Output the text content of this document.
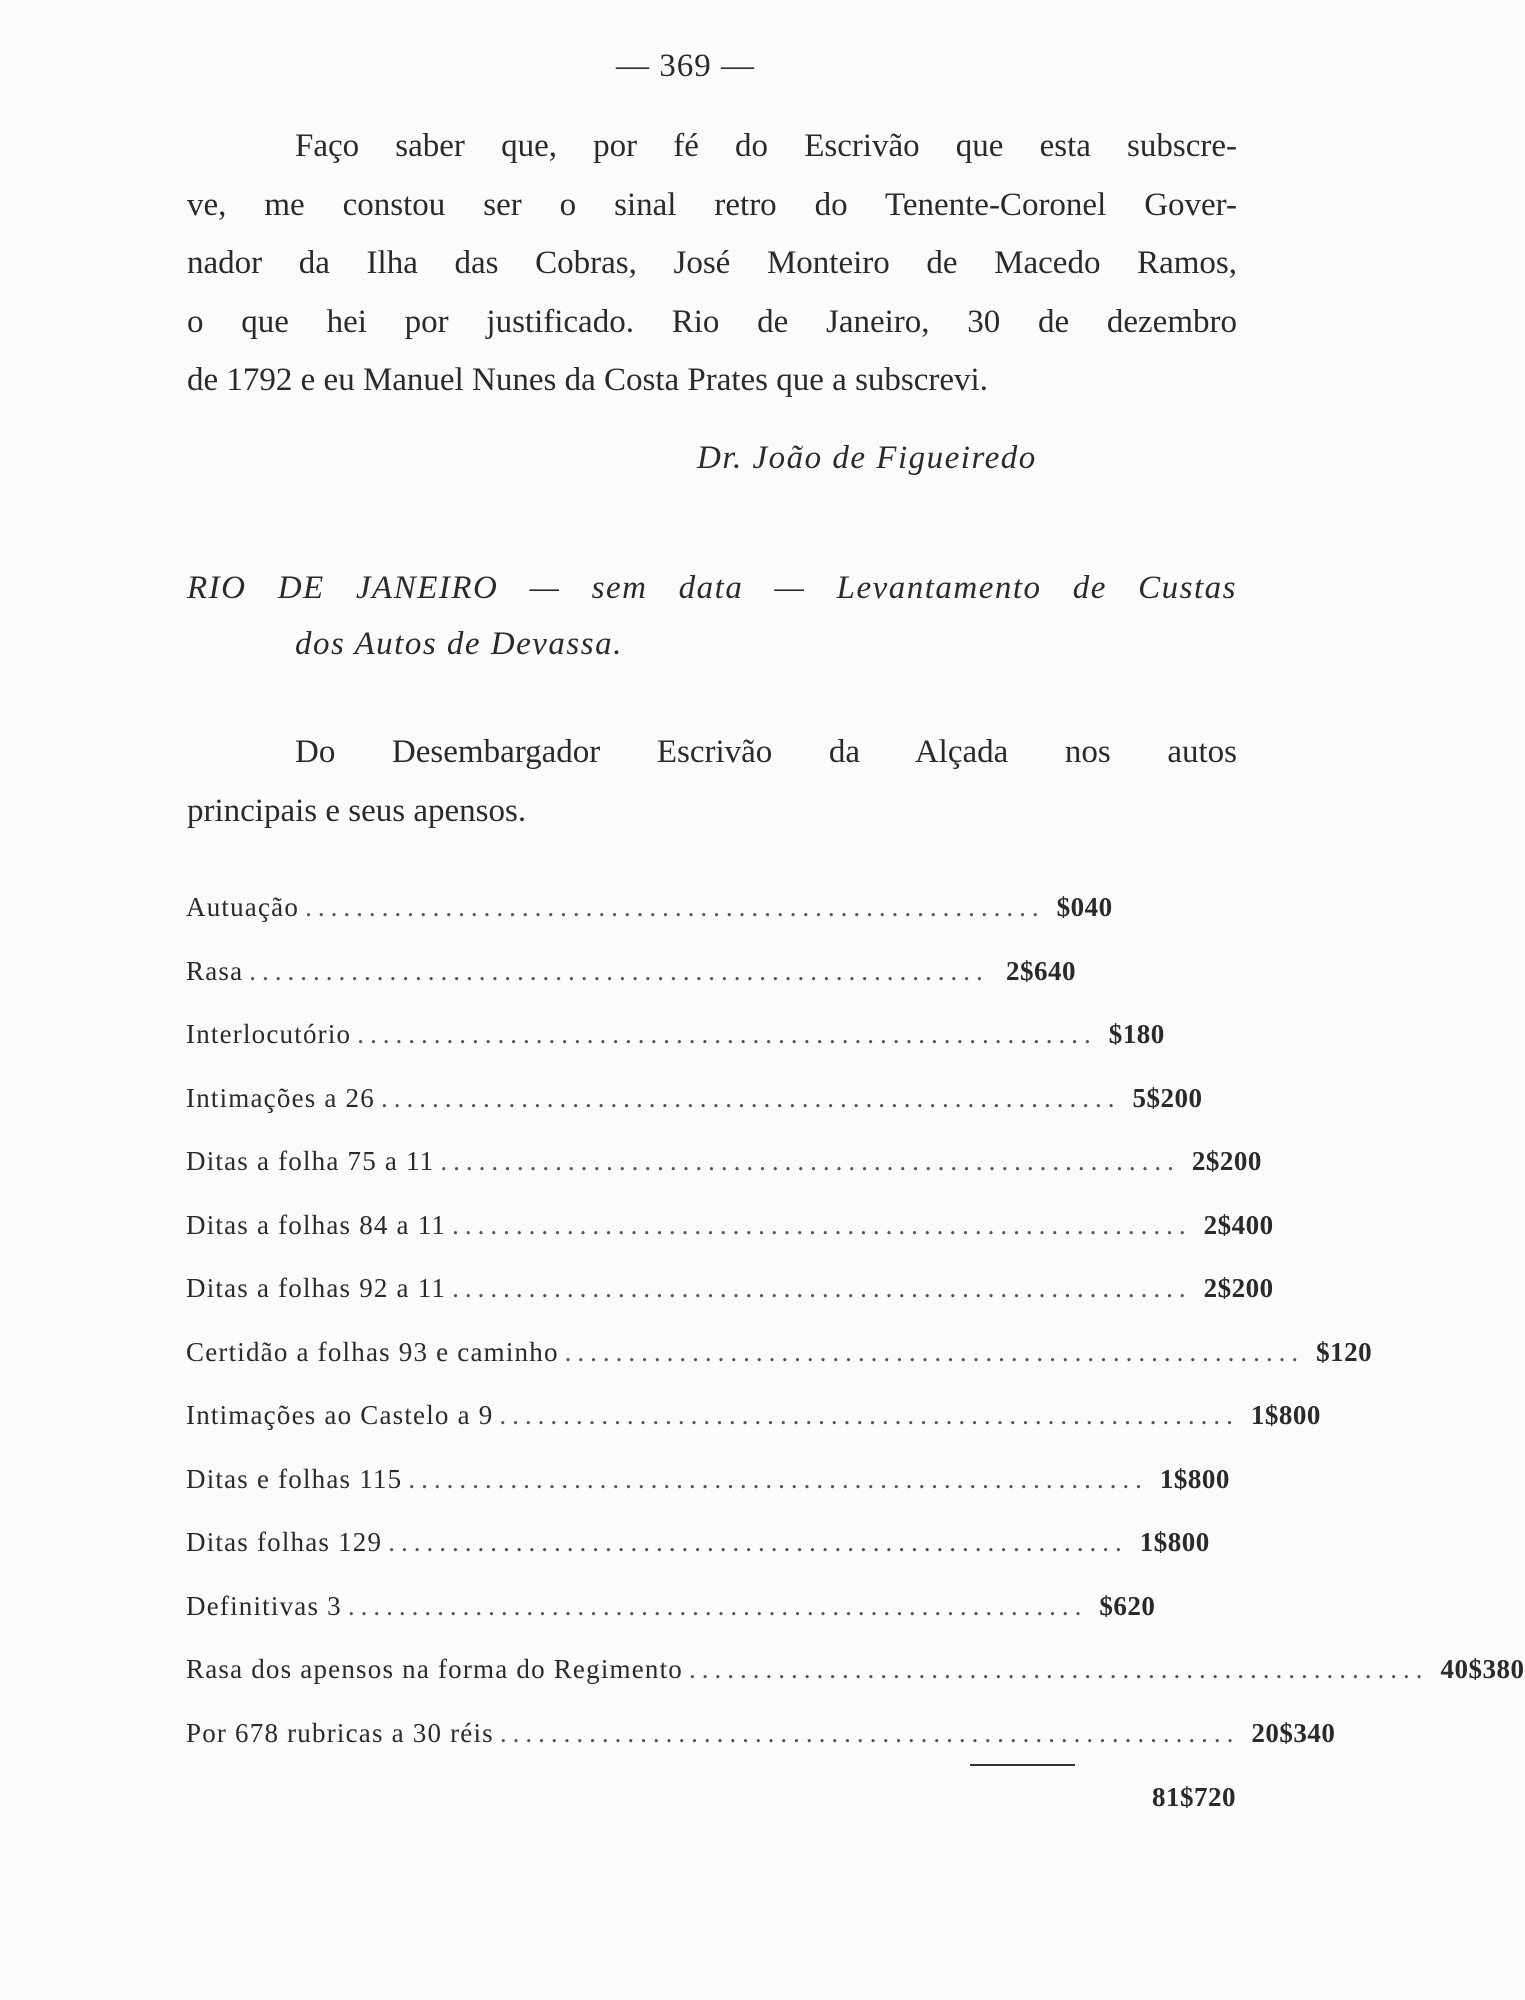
— 369 —
Faço saber que, por fé do Escrivão que esta subscre-
ve, me constou ser o sinal retro do Tenente-Coronel Gover-
nador da Ilha das Cobras, José Monteiro de Macedo Ramos,
o que hei por justificado. Rio de Janeiro, 30 de dezembro
de 1792 e eu Manuel Nunes da Costa Prates que a subscrevi.
Dr. João de Figueiredo
RIO DE JANEIRO — sem data — Levantamento de Custas
dos Autos de Devassa.
Do Desembargador Escrivão da Alçada nos autos
principais e seus apensos.
Autuação .......................................................... $040
Rasa .......................................................... 2$640
Interlocutório .......................................................... $180
Intimações a 26 .......................................................... 5$200
Ditas a folha 75 a 11 .......................................................... 2$200
Ditas a folhas 84 a 11 .......................................................... 2$400
Ditas a folhas 92 a 11 .......................................................... 2$200
Certidão a folhas 93 e caminho .......................................................... $120
Intimações ao Castelo a 9 .......................................................... 1$800
Ditas e folhas 115 .......................................................... 1$800
Ditas folhas 129 .......................................................... 1$800
Definitivas 3 .......................................................... $620
Rasa dos apensos na forma do Regimento .......................................................... 40$380
Por 678 rubricas a 30 réis .......................................................... 20$340
81$720
